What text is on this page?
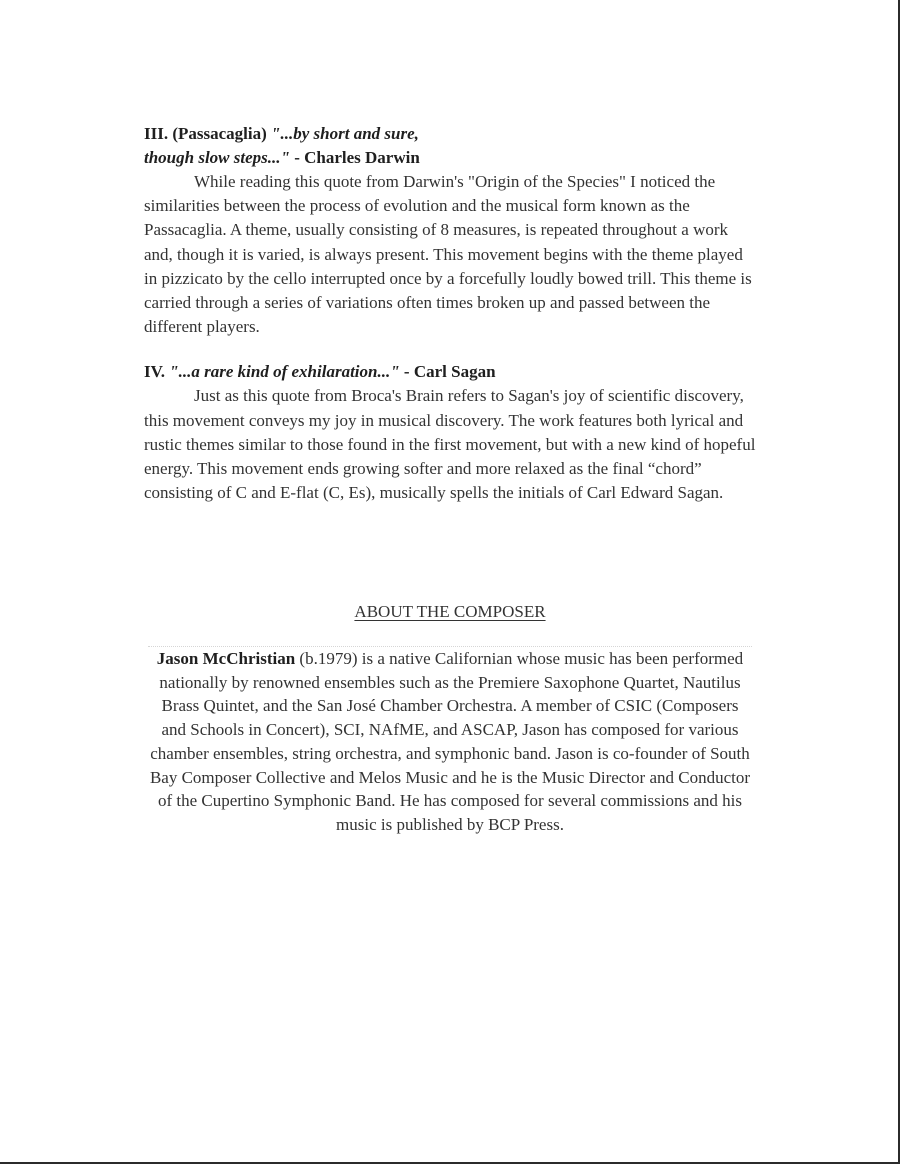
III. (Passacaglia) "...by short and sure,
though slow steps..." - Charles Darwin

While reading this quote from Darwin's "Origin of the Species" I noticed the similarities between the process of evolution and the musical form known as the Passacaglia. A theme, usually consisting of 8 measures, is repeated throughout a work and, though it is varied, is always present. This movement begins with the theme played in pizzicato by the cello interrupted once by a forcefully loudly bowed trill. This theme is carried through a series of variations often times broken up and passed between the different players.

IV. "...a rare kind of exhilaration..." - Carl Sagan

Just as this quote from Broca's Brain refers to Sagan's joy of scientific discovery, this movement conveys my joy in musical discovery. The work features both lyrical and rustic themes similar to those found in the first movement, but with a new kind of hopeful energy. This movement ends growing softer and more relaxed as the final “chord” consisting of C and E-flat (C, Es), musically spells the initials of Carl Edward Sagan.

ABOUT THE COMPOSER
Jason McChristian (b.1979) is a native Californian whose music has been performed nationally by renowned ensembles such as the Premiere Saxophone Quartet, Nautilus Brass Quintet, and the San José Chamber Orchestra. A member of CSIC (Composers and Schools in Concert), SCI, NAfME, and ASCAP, Jason has composed for various chamber ensembles, string orchestra, and symphonic band. Jason is co-founder of South Bay Composer Collective and Melos Music and he is the Music Director and Conductor of the Cupertino Symphonic Band. He has composed for several commissions and his music is published by BCP Press.
